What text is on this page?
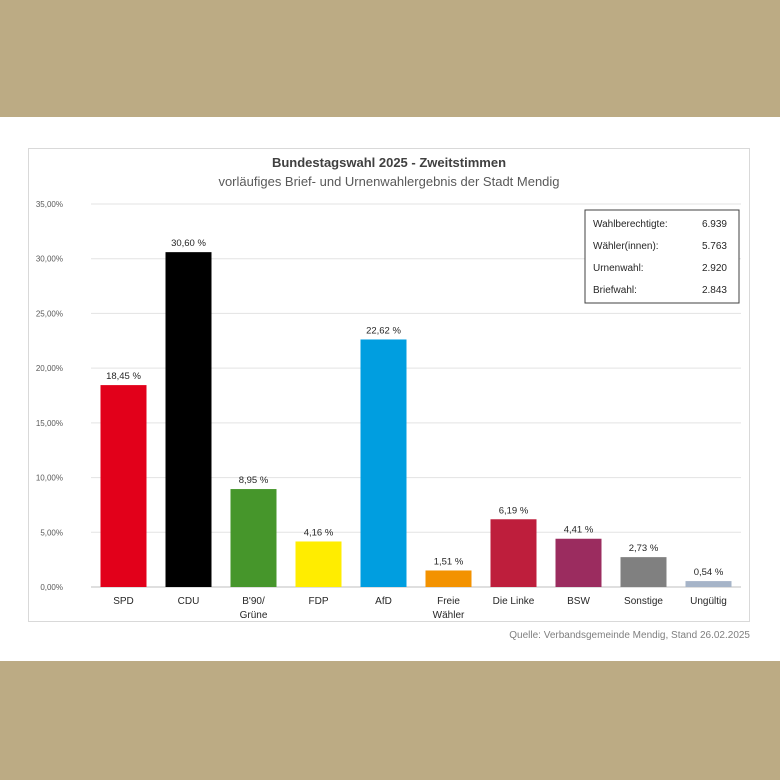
Bundestagswahl 2025 - Zweitstimmen
vorläufiges Brief- und Urnenwahlergebnis der Stadt Mendig
0,00%
5,00%
10,00%
15,00%
20,00%
25,00%
30,00%
35,00%
18,45 %
30,60 %
8,95 %
4,16 %
22,62 %
1,51 %
6,19 %
4,41 %
2,73 %
0,54 %
SPD	CDU	B'90/
Grüne
FDP	AfD	Freie
Wähler
Die Linke	BSW	Sonstige	Ungültig
Wahlberechtigte:	6.939
Wähler(innen):	5.763
Urnenwahl:	2.920
Briefwahl:	2.843
Quelle: Verbandsgemeinde Mendig, Stand 26.02.2025
